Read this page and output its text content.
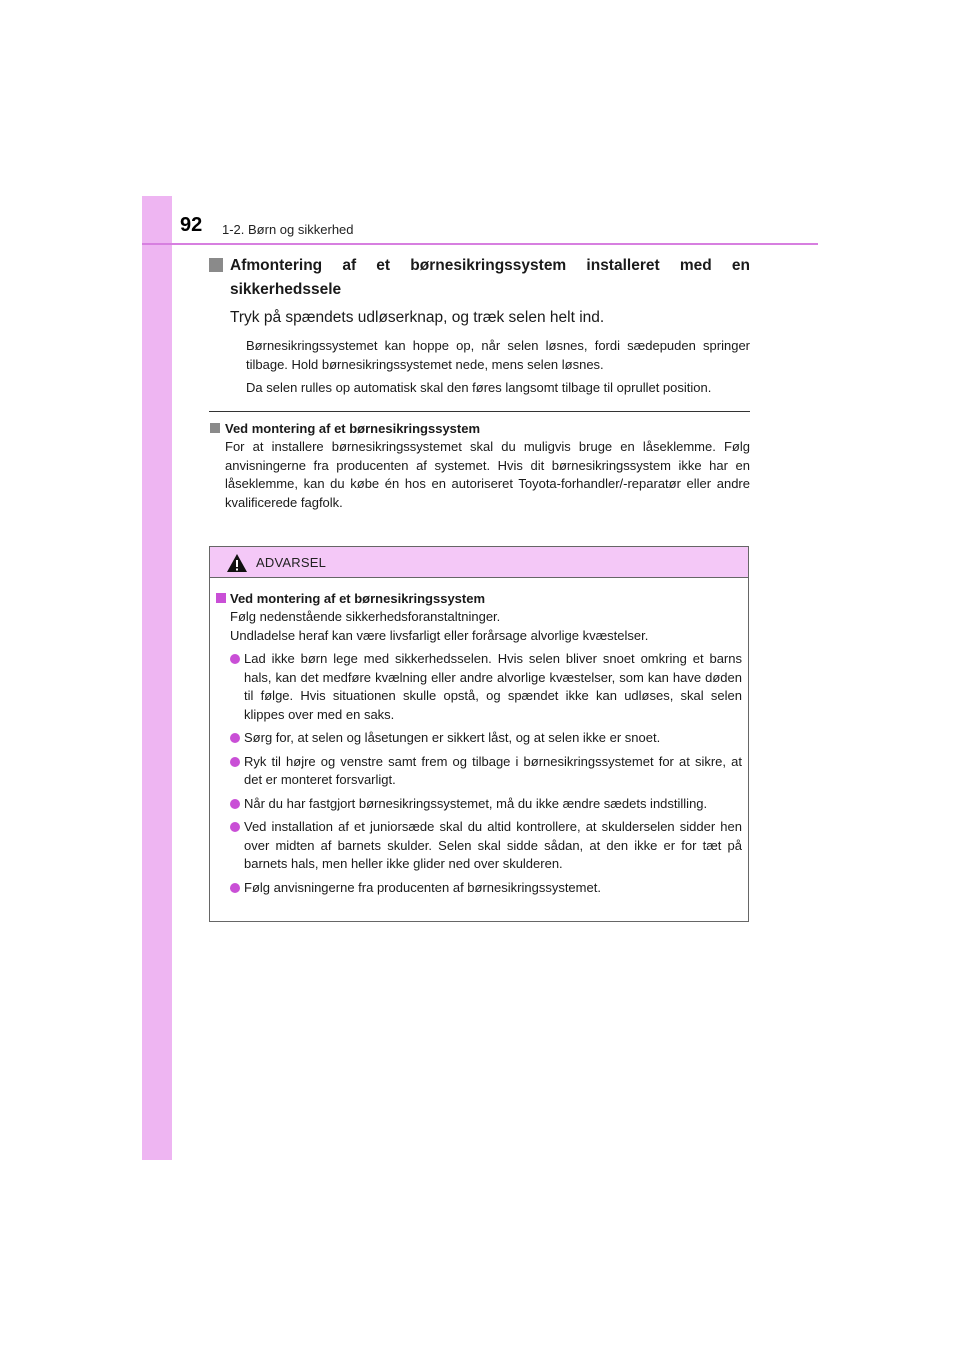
92 1-2. Børn og sikkerhed
Afmontering af et børnesikringssystem installeret med en sikkerhedssele
Tryk på spændets udløserknap, og træk selen helt ind.

Børnesikringssystemet kan hoppe op, når selen løsnes, fordi sædepuden springer tilbage. Hold børnesikringssystemet nede, mens selen løsnes.

Da selen rulles op automatisk skal den føres langsomt tilbage til oprullet position.

Ved montering af et børnesikringssystem
For at installere børnesikringssystemet skal du muligvis bruge en låseklemme. Følg anvisningerne fra producenten af systemet. Hvis dit børnesikringssystem ikke har en låseklemme, kan du købe én hos en autoriseret Toyota-forhandler/-reparatør eller andre kvalificerede fagfolk.
ADVARSEL
Ved montering af et børnesikringssystem
Følg nedenstående sikkerhedsforanstaltninger.
Undladelse heraf kan være livsfarligt eller forårsage alvorlige kvæstelser.
Lad ikke børn lege med sikkerhedsselen. Hvis selen bliver snoet omkring et barns hals, kan det medføre kvælning eller andre alvorlige kvæstelser, som kan have døden til følge. Hvis situationen skulle opstå, og spændet ikke kan udløses, skal selen klippes over med en saks.
Sørg for, at selen og låsetungen er sikkert låst, og at selen ikke er snoet.
Ryk til højre og venstre samt frem og tilbage i børnesikringssystemet for at sikre, at det er monteret forsvarligt.
Når du har fastgjort børnesikringssystemet, må du ikke ændre sædets indstilling.
Ved installation af et juniorsæde skal du altid kontrollere, at skulderselen sidder hen over midten af barnets skulder. Selen skal sidde sådan, at den ikke er for tæt på barnets hals, men heller ikke glider ned over skulderen.
Følg anvisningerne fra producenten af børnesikringssystemet.
